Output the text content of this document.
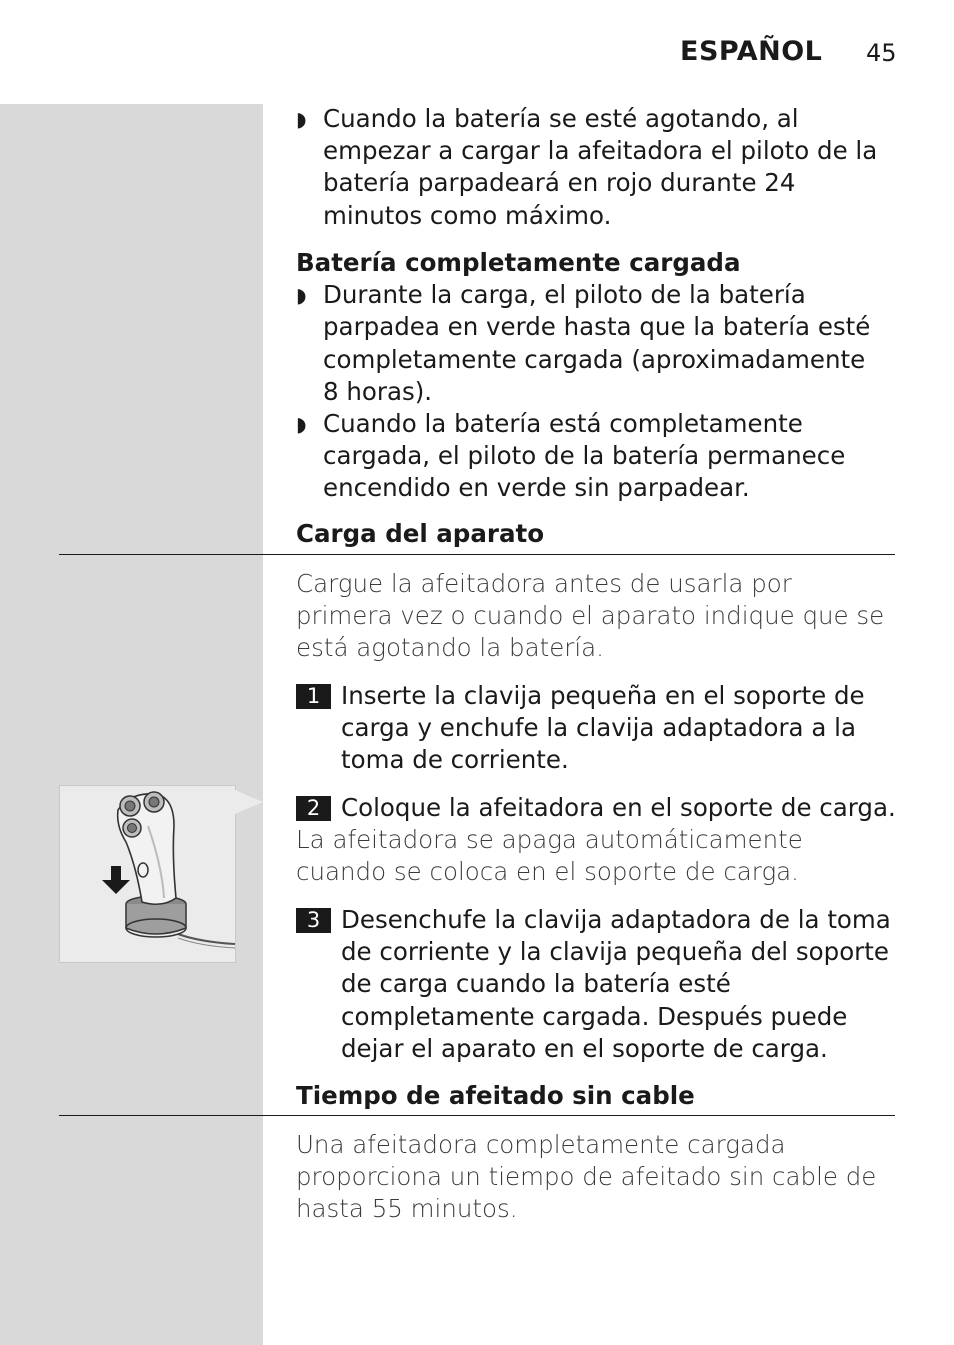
ESPAÑOL 45
◗ Cuando la batería se esté agotando, al empezar a cargar la afeitadora el piloto de la batería parpadeará en rojo durante 24 minutos como máximo.
Batería completamente cargada
◗ Durante la carga, el piloto de la batería parpadea en verde hasta que la batería esté completamente cargada (aproximadamente 8 horas).
◗ Cuando la batería está completamente cargada, el piloto de la batería permanece encendido en verde sin parpadear.
Carga del aparato
Cargue la afeitadora antes de usarla por primera vez o cuando el aparato indique que se está agotando la batería.
1 Inserte la clavija pequeña en el soporte de carga y enchufe la clavija adaptadora a la toma de corriente.
2 Coloque la afeitadora en el soporte de carga.
La afeitadora se apaga automáticamente cuando se coloca en el soporte de carga.
3 Desenchufe la clavija adaptadora de la toma de corriente y la clavija pequeña del soporte de carga cuando la batería esté completamente cargada. Después puede dejar el aparato en el soporte de carga.
Tiempo de afeitado sin cable
Una afeitadora completamente cargada proporciona un tiempo de afeitado sin cable de hasta 55 minutos.
